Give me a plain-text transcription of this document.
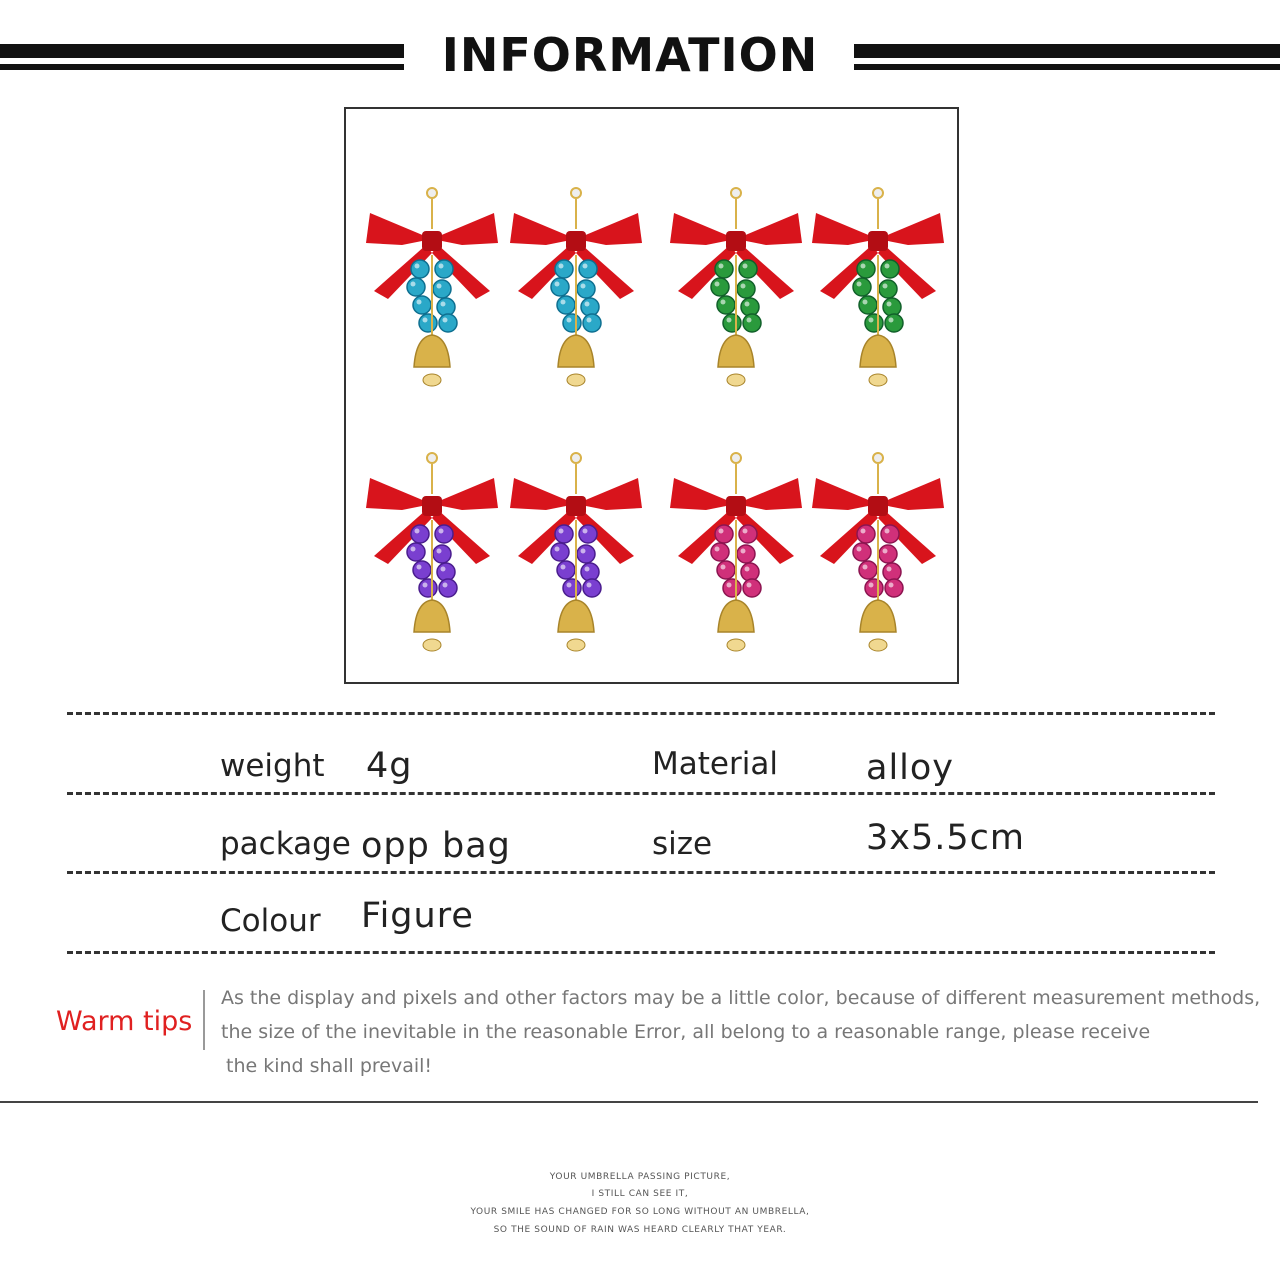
INFORMATION
weight 4g	Material	alloy
package opp bag	size	3x5.5cm
Colour Figure
Warm tips
As the display and pixels and other factors may be a little color, because of different measurement methods,
the size of the inevitable in the reasonable Error, all belong to a reasonable range, please receive
the kind shall prevail!
YOUR UMBRELLA PASSING PICTURE,
I STILL CAN SEE IT,
YOUR SMILE HAS CHANGED FOR SO LONG WITHOUT AN UMBRELLA,
SO THE SOUND OF RAIN WAS HEARD CLEARLY THAT YEAR.
